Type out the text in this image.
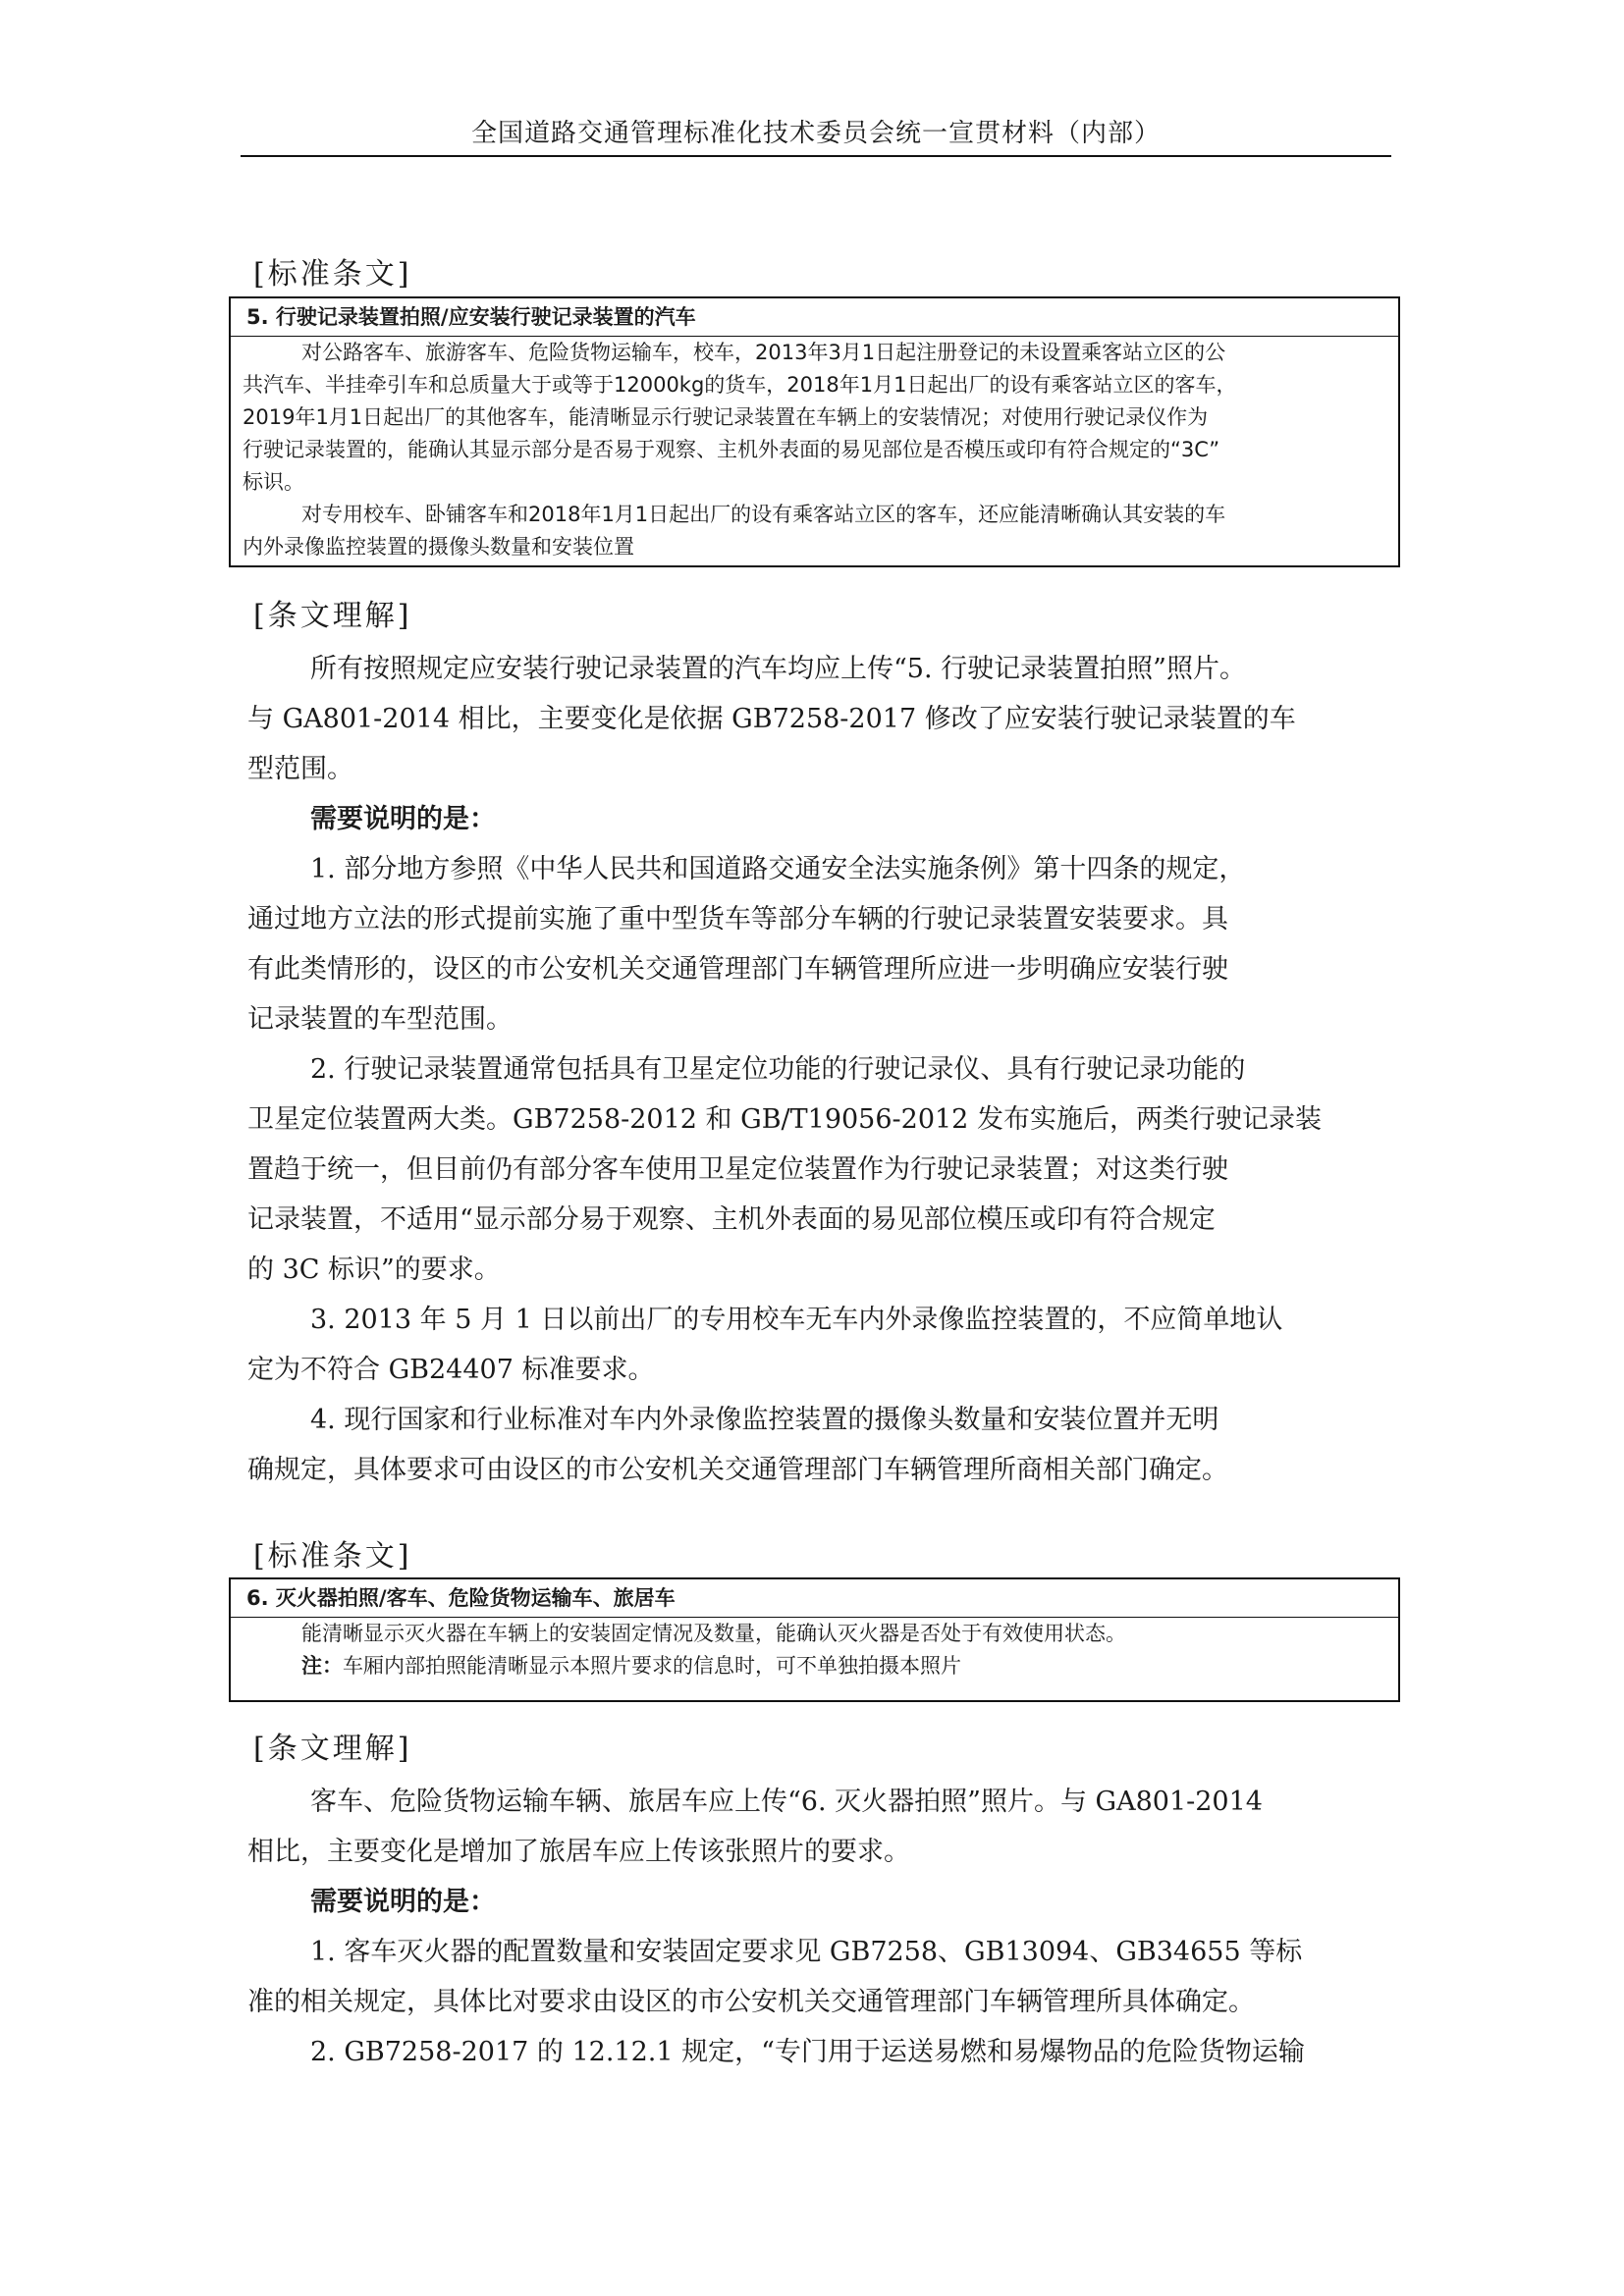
全国道路交通管理标准化技术委员会统一宣贯材料（内部）
[标准条文]
5. 行驶记录装置拍照/应安装行驶记录装置的汽车
对公路客车、旅游客车、危险货物运输车，校车，2013年3月1日起注册登记的未设置乘客站立区的公
共汽车、半挂牵引车和总质量大于或等于12000kg的货车，2018年1月1日起出厂的设有乘客站立区的客车，
2019年1月1日起出厂的其他客车，能清晰显示行驶记录装置在车辆上的安装情况；对使用行驶记录仪作为
行驶记录装置的，能确认其显示部分是否易于观察、主机外表面的易见部位是否模压或印有符合规定的“3C”
标识。
对专用校车、卧铺客车和2018年1月1日起出厂的设有乘客站立区的客车，还应能清晰确认其安装的车
内外录像监控装置的摄像头数量和安装位置
[条文理解]
所有按照规定应安装行驶记录装置的汽车均应上传“5. 行驶记录装置拍照”照片。
与 GA801-2014 相比，主要变化是依据 GB7258-2017 修改了应安装行驶记录装置的车
型范围。
需要说明的是：
1. 部分地方参照《中华人民共和国道路交通安全法实施条例》第十四条的规定，
通过地方立法的形式提前实施了重中型货车等部分车辆的行驶记录装置安装要求。具
有此类情形的，设区的市公安机关交通管理部门车辆管理所应进一步明确应安装行驶
记录装置的车型范围。
2. 行驶记录装置通常包括具有卫星定位功能的行驶记录仪、具有行驶记录功能的
卫星定位装置两大类。GB7258-2012 和 GB/T19056-2012 发布实施后，两类行驶记录装
置趋于统一，但目前仍有部分客车使用卫星定位装置作为行驶记录装置；对这类行驶
记录装置，不适用“显示部分易于观察、主机外表面的易见部位模压或印有符合规定
的 3C 标识”的要求。
3. 2013 年 5 月 1 日以前出厂的专用校车无车内外录像监控装置的，不应简单地认
定为不符合 GB24407 标准要求。
4. 现行国家和行业标准对车内外录像监控装置的摄像头数量和安装位置并无明
确规定，具体要求可由设区的市公安机关交通管理部门车辆管理所商相关部门确定。
[标准条文]
6. 灭火器拍照/客车、危险货物运输车、旅居车
能清晰显示灭火器在车辆上的安装固定情况及数量，能确认灭火器是否处于有效使用状态。
注：车厢内部拍照能清晰显示本照片要求的信息时，可不单独拍摄本照片
[条文理解]
客车、危险货物运输车辆、旅居车应上传“6. 灭火器拍照”照片。与 GA801-2014
相比，主要变化是增加了旅居车应上传该张照片的要求。
需要说明的是：
1. 客车灭火器的配置数量和安装固定要求见 GB7258、GB13094、GB34655 等标
准的相关规定，具体比对要求由设区的市公安机关交通管理部门车辆管理所具体确定。
2. GB7258-2017 的 12.12.1 规定，“专门用于运送易燃和易爆物品的危险货物运输
